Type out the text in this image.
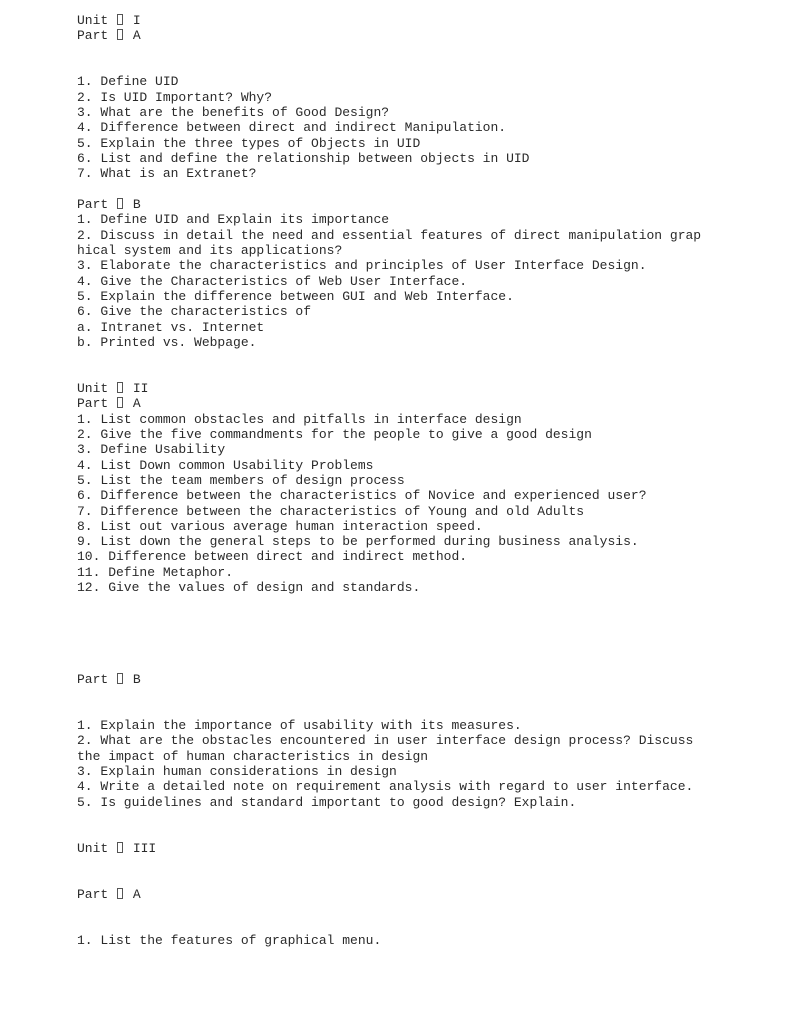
Unit  I
Part  A
1. Define UID
2. Is UID Important? Why?
3. What are the benefits of Good Design?
4. Difference between direct and indirect Manipulation.
5. Explain the three types of Objects in UID
6. List and define the relationship between objects in UID
7. What is an Extranet?
Part  B
1. Define UID and Explain its importance
2. Discuss in detail the need and essential features of direct manipulation grap
hical system and its applications?
3. Elaborate the characteristics and principles of User Interface Design.
4. Give the Characteristics of Web User Interface.
5. Explain the difference between GUI and Web Interface.
6. Give the characteristics of
a. Intranet vs. Internet
b. Printed vs. Webpage.
Unit  II
Part  A
1. List common obstacles and pitfalls in interface design
2. Give the five commandments for the people to give a good design
3. Define Usability
4. List Down common Usability Problems
5. List the team members of design process
6. Difference between the characteristics of Novice and experienced user?
7. Difference between the characteristics of Young and old Adults
8. List out various average human interaction speed.
9. List down the general steps to be performed during business analysis.
10. Difference between direct and indirect method.
11. Define Metaphor.
12. Give the values of design and standards.
Part  B
1. Explain the importance of usability with its measures.
2. What are the obstacles encountered in user interface design process? Discuss
the impact of human characteristics in design
3. Explain human considerations in design
4. Write a detailed note on requirement analysis with regard to user interface.
5. Is guidelines and standard important to good design? Explain.
Unit  III
Part  A
1. List the features of graphical menu.
